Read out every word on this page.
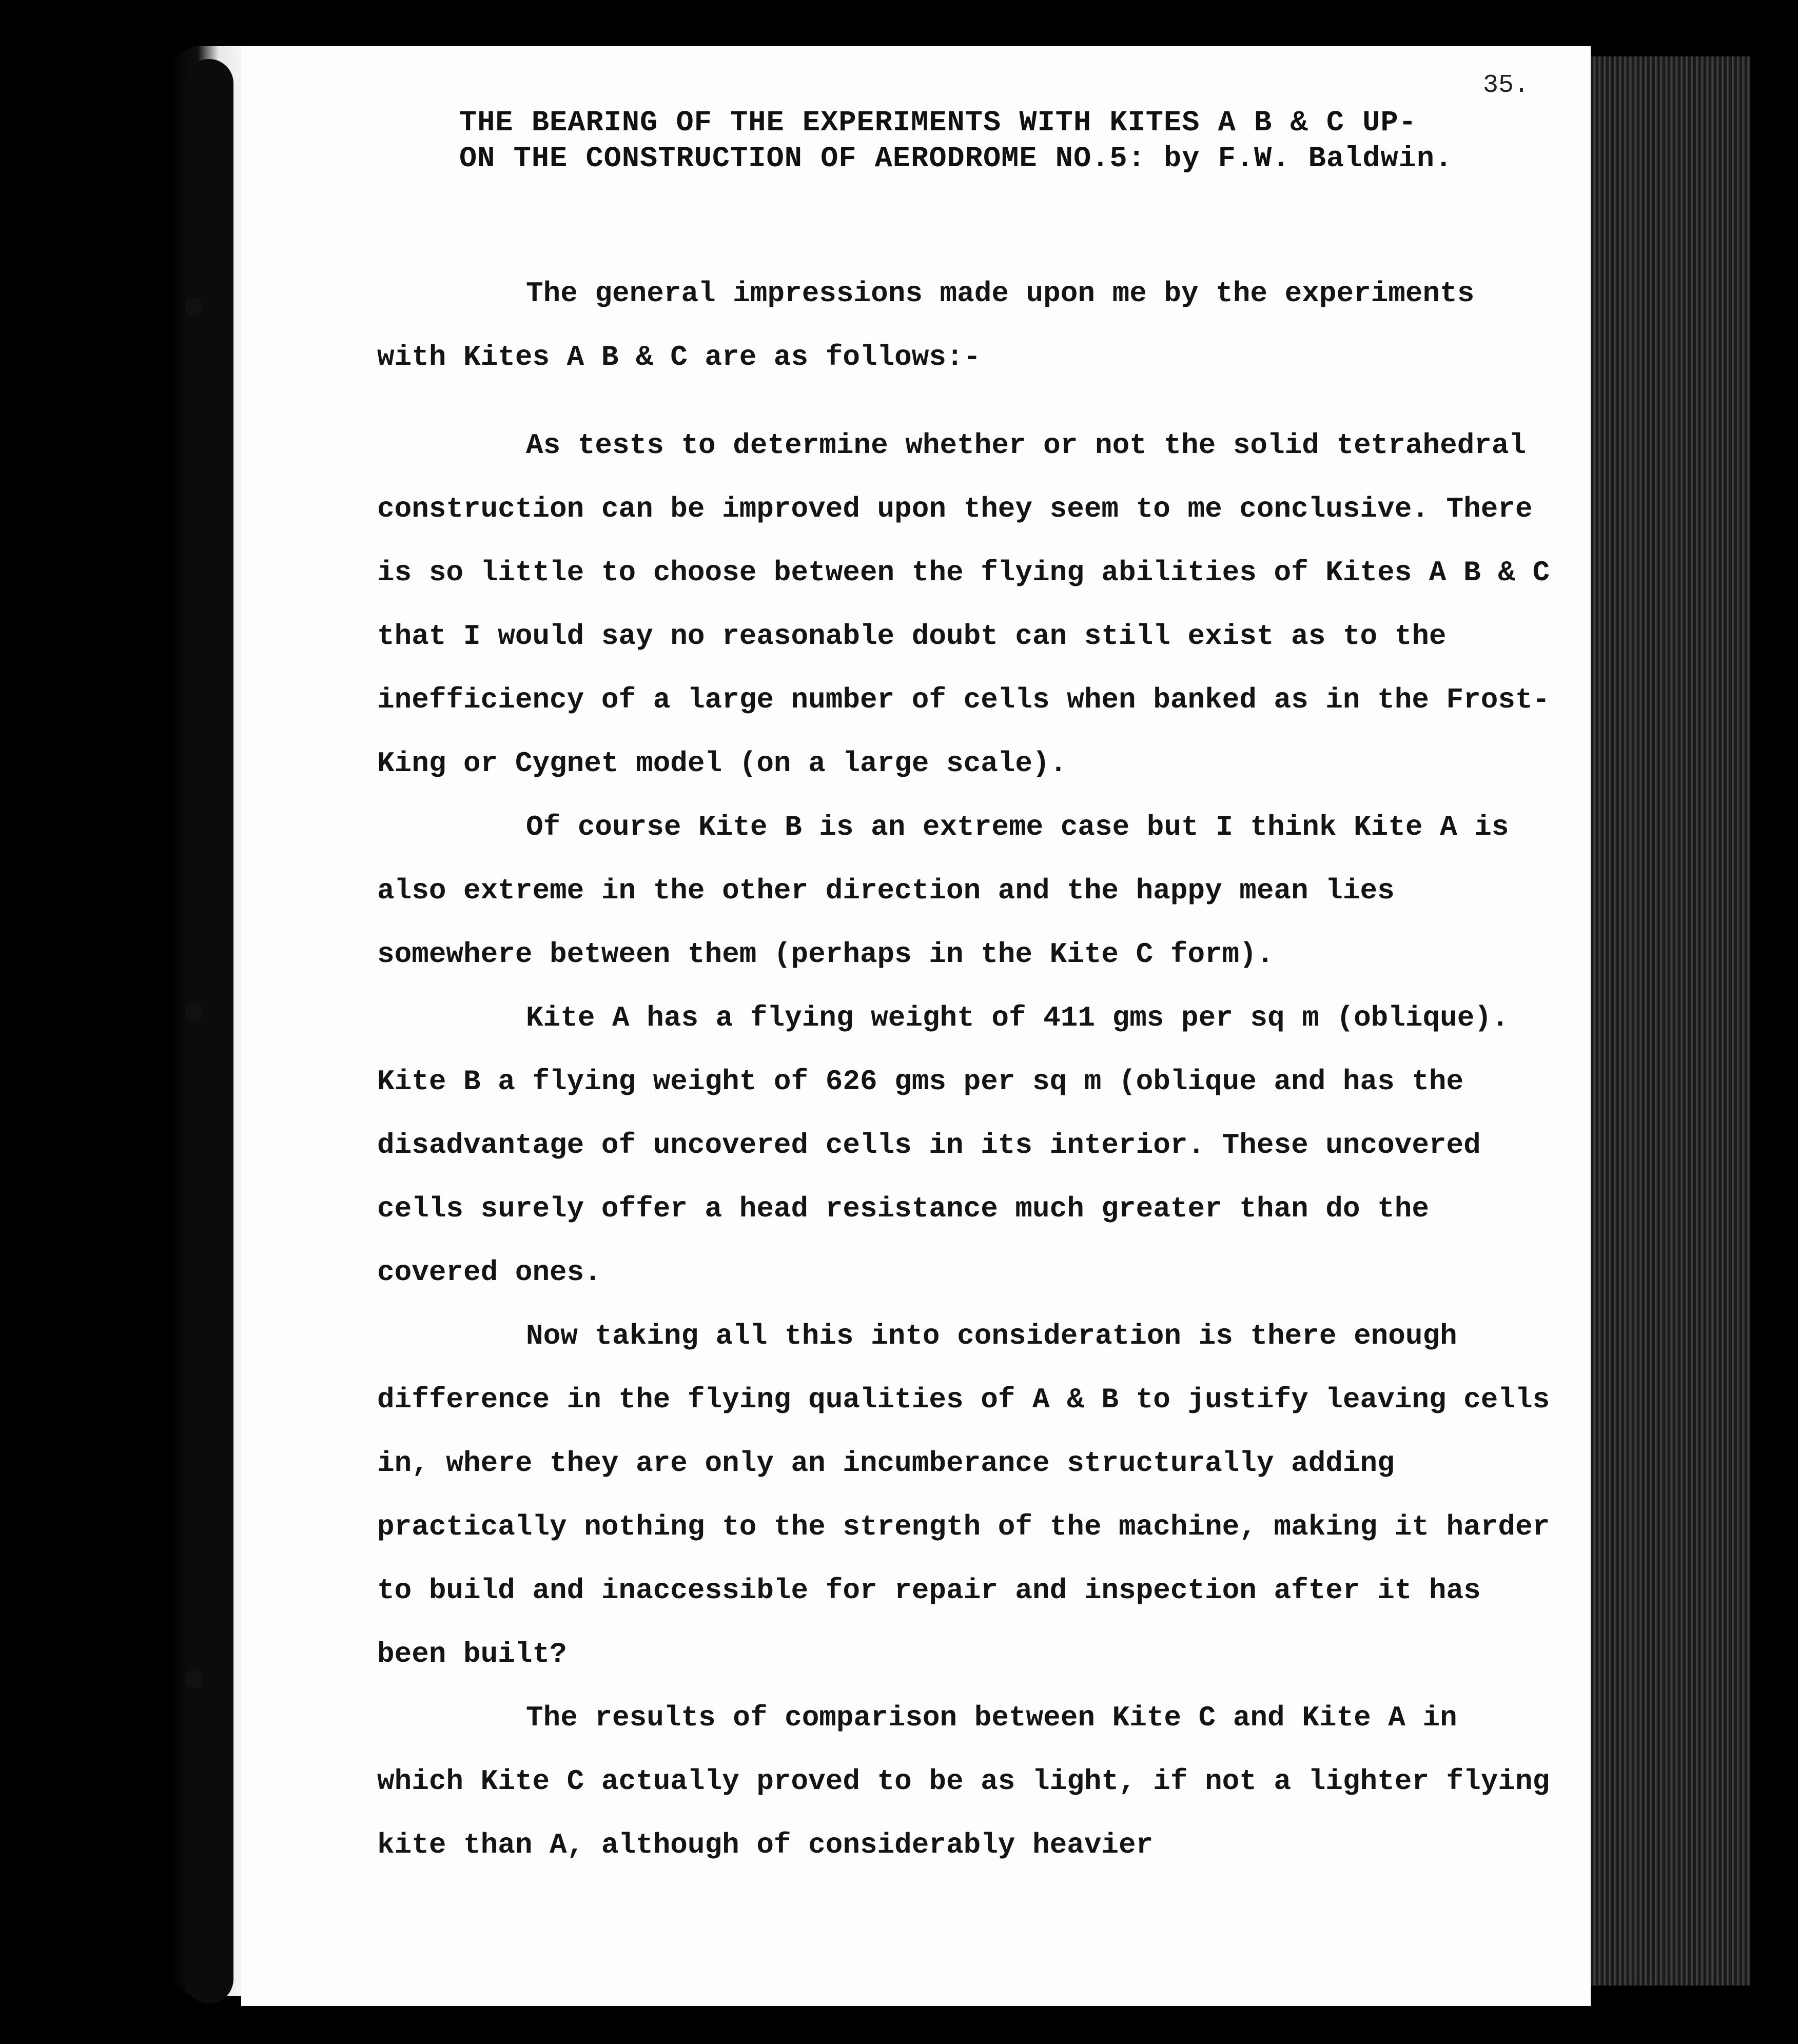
35.
THE BEARING OF THE EXPERIMENTS WITH KITES A B & C UP-
ON THE CONSTRUCTION OF AERODROME NO.5: by F.W. Baldwin.

The general impressions made upon me by the experiments with Kites A B & C are as follows:-

As tests to determine whether or not the solid tetrahedral construction can be improved upon they seem to me conclusive. There is so little to choose between the flying abilities of Kites A B & C that I would say no reasonable doubt can still exist as to the inefficiency of a large number of cells when banked as in the Frost-King or Cygnet model (on a large scale).

Of course Kite B is an extreme case but I think Kite A is also extreme in the other direction and the happy mean lies somewhere between them (perhaps in the Kite C form).

Kite A has a flying weight of 411 gms per sq m (oblique). Kite B a flying weight of 626 gms per sq m (oblique and has the disadvantage of uncovered cells in its interior. These uncovered cells surely offer a head resistance much greater than do the covered ones.

Now taking all this into consideration is there enough difference in the flying qualities of A & B to justify leaving cells in, where they are only an incumberance structurally adding practically nothing to the strength of the machine, making it harder to build and inaccessible for repair and inspection after it has been built?

The results of comparison between Kite C and Kite A in which Kite C actually proved to be as light, if not a lighter flying kite than A, although of considerably heavier
